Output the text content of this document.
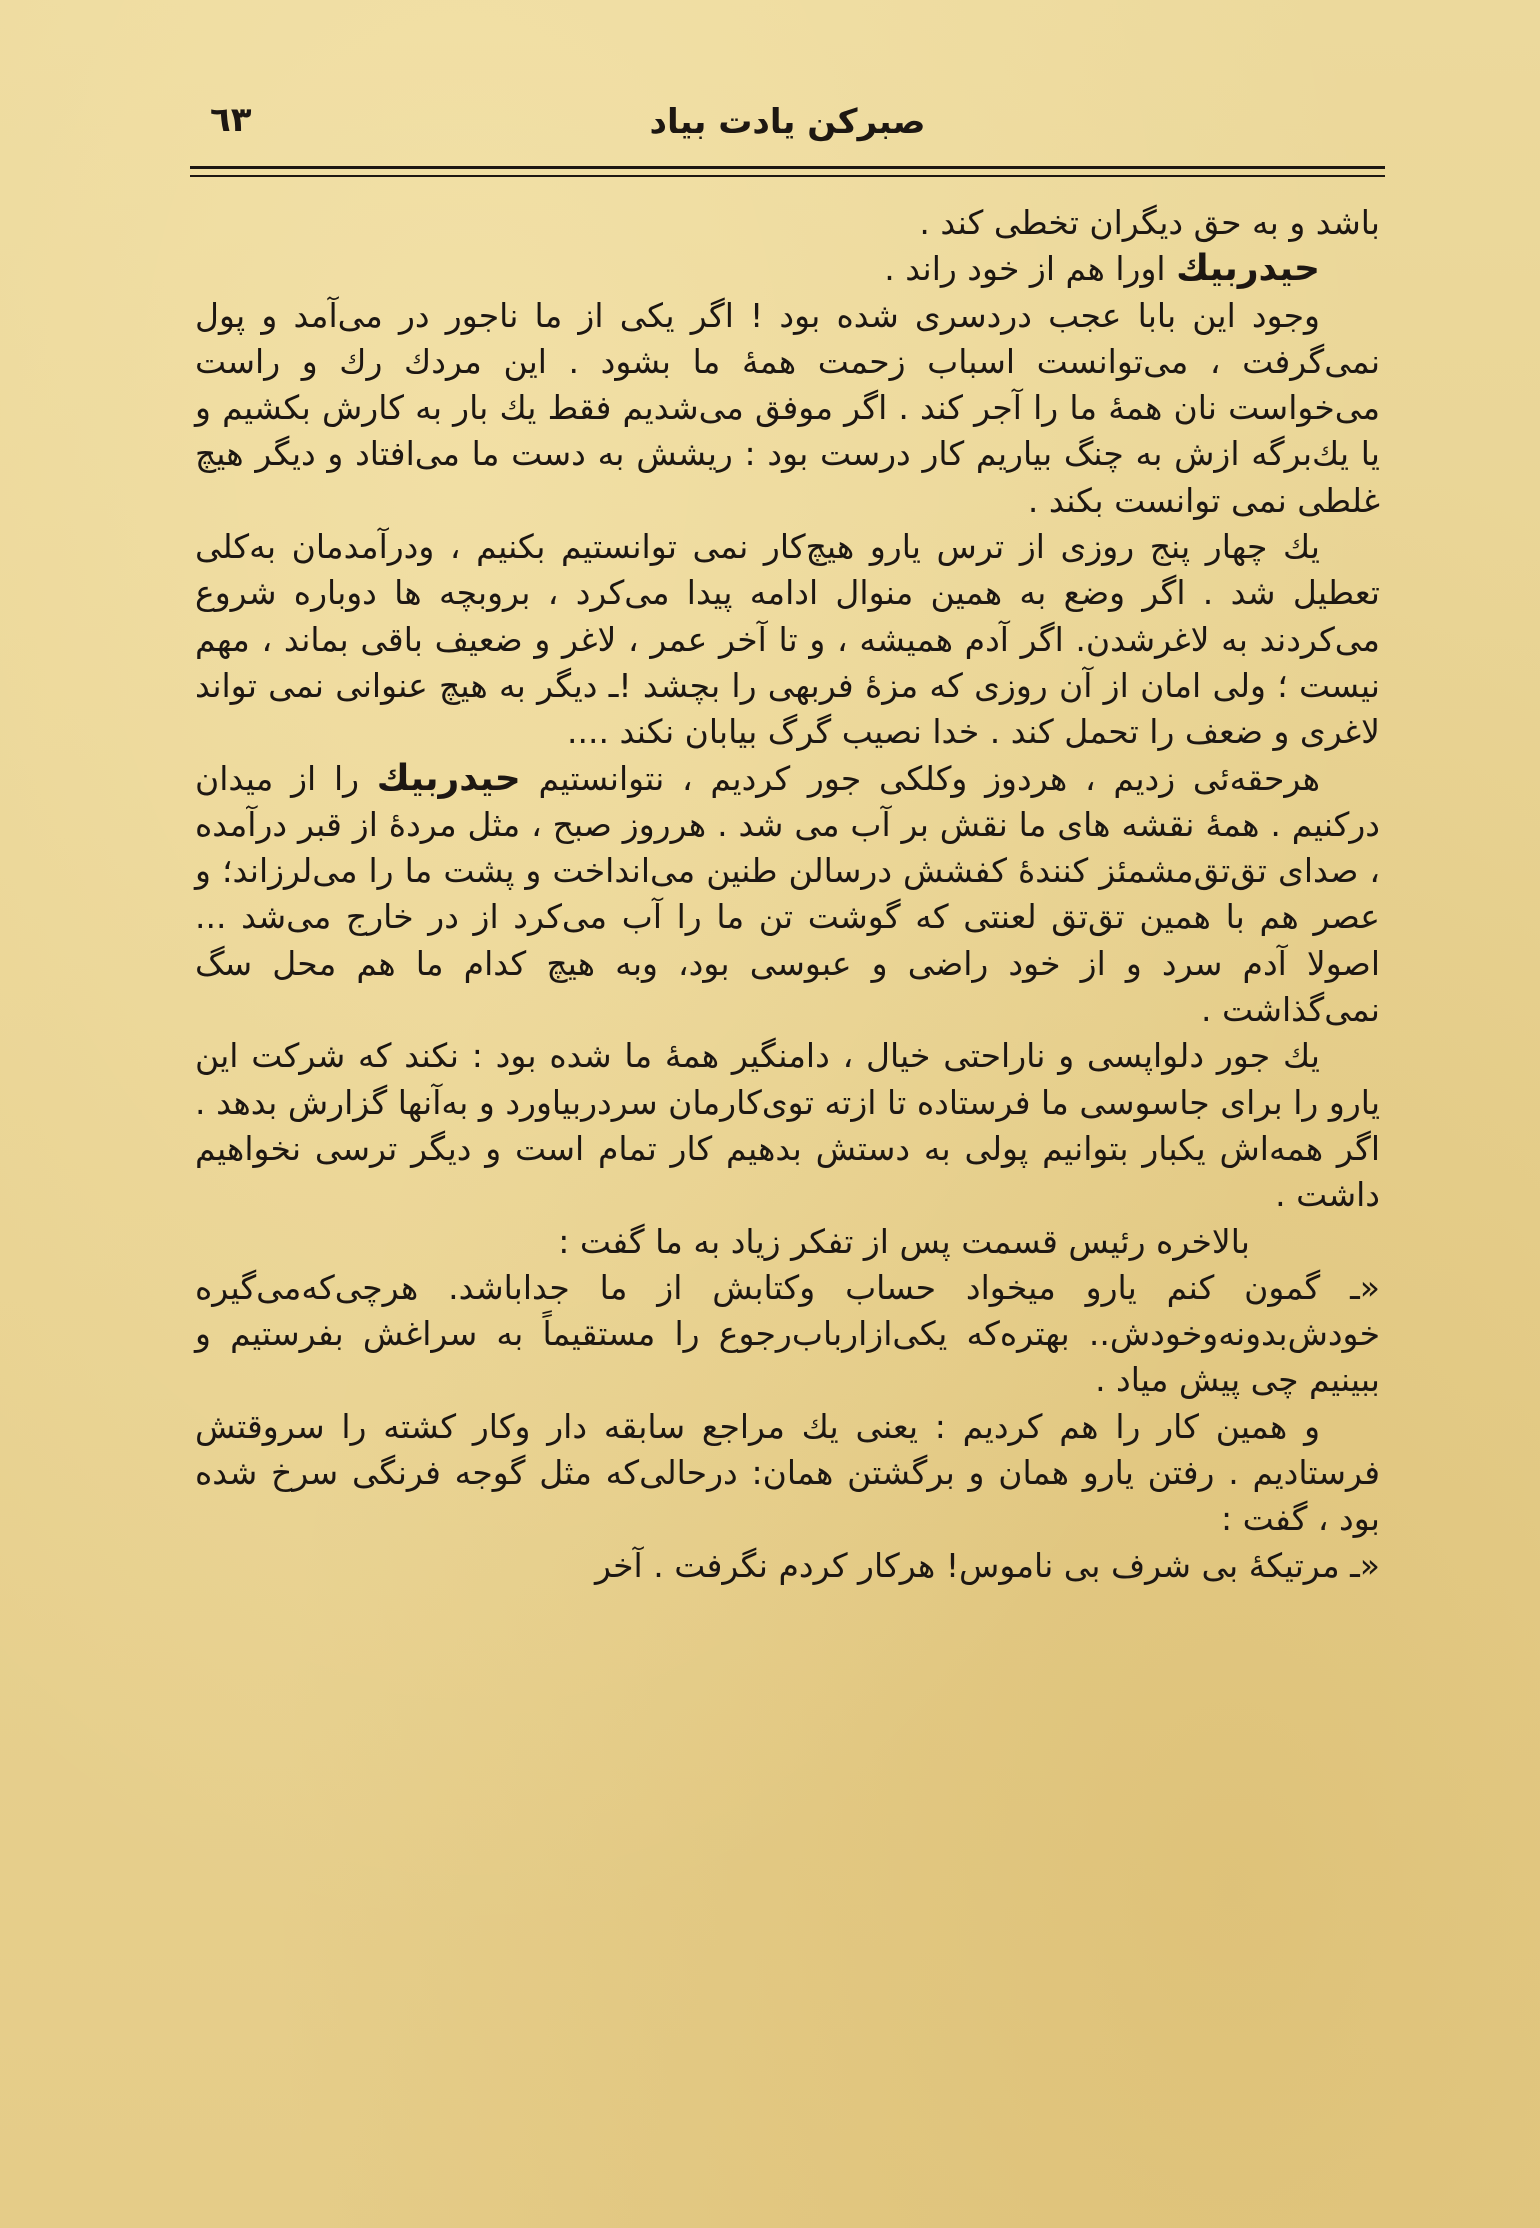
صبرکن یادت بیاد
٦٣

باشد و به حق دیگران تخطی کند .

حیدربیك اورا هم از خود راند .

وجود این بابا عجب دردسری شده بود ! اگر یکی از ما ناجور در می‌آمد و پول نمی‌گرفت ، می‌توانست اسباب زحمت همهٔ ما بشود . این مردك رك و راست می‌خواست نان همهٔ ما را آجر کند . اگر موفق می‌شدیم فقط یك بار به کارش بکشیم و یا یك‌برگه ازش به چنگ بیاریم کار درست بود : ریشش به دست ما می‌افتاد و دیگر هیچ غلطی نمی توانست بکند .

یك چهار پنج روزی از ترس یارو هیچ‌کار نمی توانستیم بکنیم ، ودرآمدمان به‌کلی تعطیل شد . اگر وضع به همین منوال ادامه پیدا می‌کرد ، بروبچه ها دوباره شروع می‌کردند به لاغرشدن. اگر آدم همیشه ، و تا آخر عمر ، لاغر و ضعیف باقی بماند ، مهم نیست ؛ ولی امان از آن روزی که مزهٔ فربهی را بچشد !ـ دیگر به هیچ عنوانی نمی تواند لاغری و ضعف را تحمل کند . خدا نصیب گرگ بیابان نکند ....

هرحقه‌ئی زدیم ، هردوز وکلکی جور کردیم ، نتوانستیم حیدربیك را از میدان درکنیم . همهٔ نقشه های ما نقش بر آب می شد . هرروز صبح ، مثل مردهٔ از قبر درآمده ، صدای تق‌تق‌مشمئز کنندهٔ کفشش درسالن طنین می‌انداخت و پشت ما را می‌لرزاند؛ و عصر هم با همین تق‌تق لعنتی که گوشت تن ما را آب می‌کرد از در خارج می‌شد ... اصولا آدم سرد و از خود راضی و عبوسی بود، وبه هیچ کدام ما هم محل سگ نمی‌گذاشت .

یك جور دلواپسی و ناراحتی خیال ، دامنگیر همهٔ ما شده بود : نکند که شرکت این یارو را برای جاسوسی ما فرستاده تا ازته توی‌کارمان سردربیاورد و به‌آنها گزارش بدهد . اگر همه‌اش یکبار بتوانیم پولی به دستش بدهیم کار تمام است و دیگر ترسی نخواهیم داشت .

بالاخره رئیس قسمت پس از تفکر زیاد به ما گفت :

«ـ گمون کنم یارو میخواد حساب وکتابش از ما جداباشد. هرچی‌که‌می‌گیره خودش‌بدونه‌وخودش.. بهتره‌که یکی‌ازارباب‌رجوع را مستقیماً به سراغش بفرستیم و ببینیم چی پیش میاد .

و همین کار را هم کردیم : یعنی یك مراجع سابقه دار وکار کشته را سروقتش فرستادیم . رفتن یارو همان و برگشتن همان: درحالی‌که مثل گوجه فرنگی سرخ شده بود ، گفت :

«ـ مرتیکهٔ بی شرف بی ناموس! هرکار کردم نگرفت . آخر
